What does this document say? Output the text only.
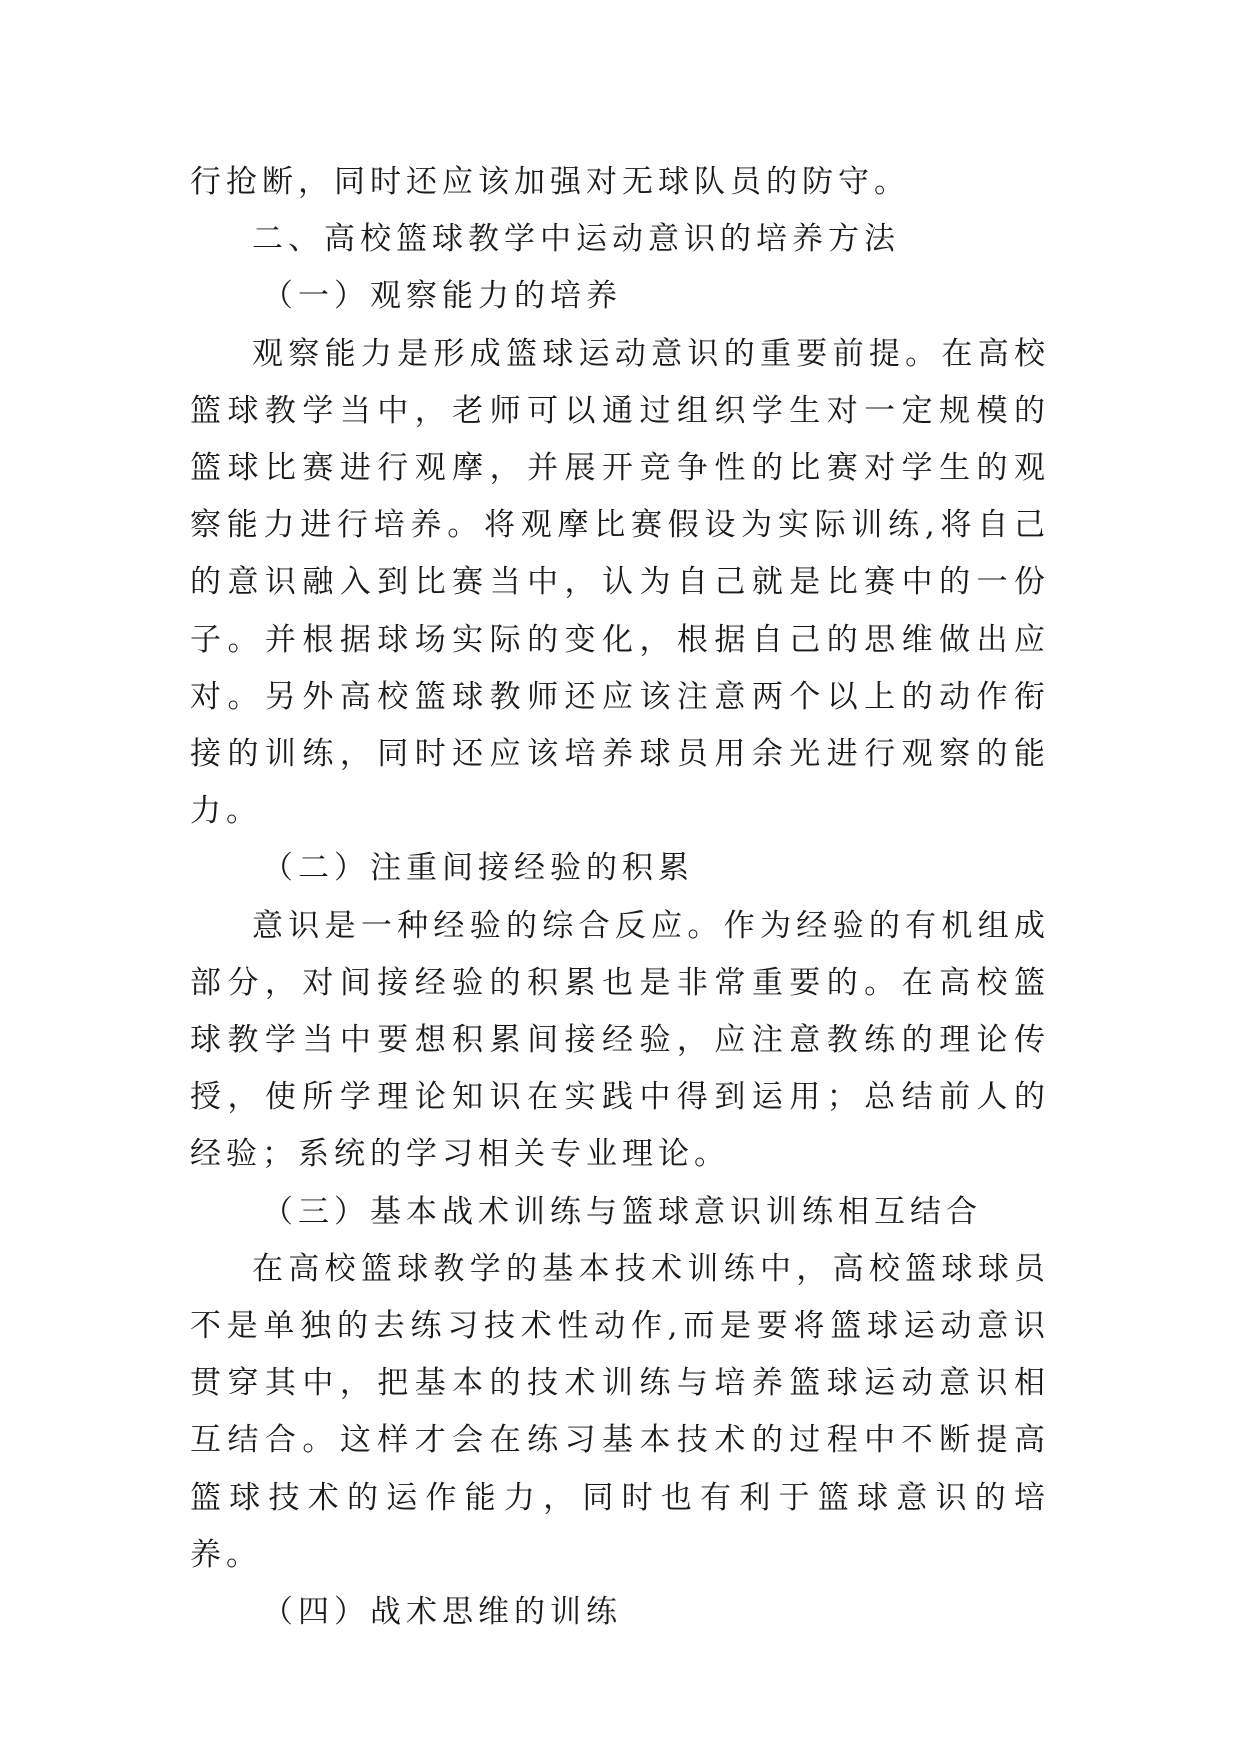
行抢断，同时还应该加强对无球队员的防守。

二、高校篮球教学中运动意识的培养方法

（一）观察能力的培养

观察能力是形成篮球运动意识的重要前提。在高校篮球教学当中，老师可以通过组织学生对一定规模的篮球比赛进行观摩，并展开竞争性的比赛对学生的观察能力进行培养。将观摩比赛假设为实际训练,将自己的意识融入到比赛当中，认为自己就是比赛中的一份子。并根据球场实际的变化，根据自己的思维做出应对。另外高校篮球教师还应该注意两个以上的动作衔接的训练，同时还应该培养球员用余光进行观察的能力。

（二）注重间接经验的积累

意识是一种经验的综合反应。作为经验的有机组成部分，对间接经验的积累也是非常重要的。在高校篮球教学当中要想积累间接经验，应注意教练的理论传授，使所学理论知识在实践中得到运用；总结前人的经验；系统的学习相关专业理论。

（三）基本战术训练与篮球意识训练相互结合

在高校篮球教学的基本技术训练中，高校篮球球员不是单独的去练习技术性动作,而是要将篮球运动意识贯穿其中，把基本的技术训练与培养篮球运动意识相互结合。这样才会在练习基本技术的过程中不断提高篮球技术的运作能力，同时也有利于篮球意识的培养。

（四）战术思维的训练
